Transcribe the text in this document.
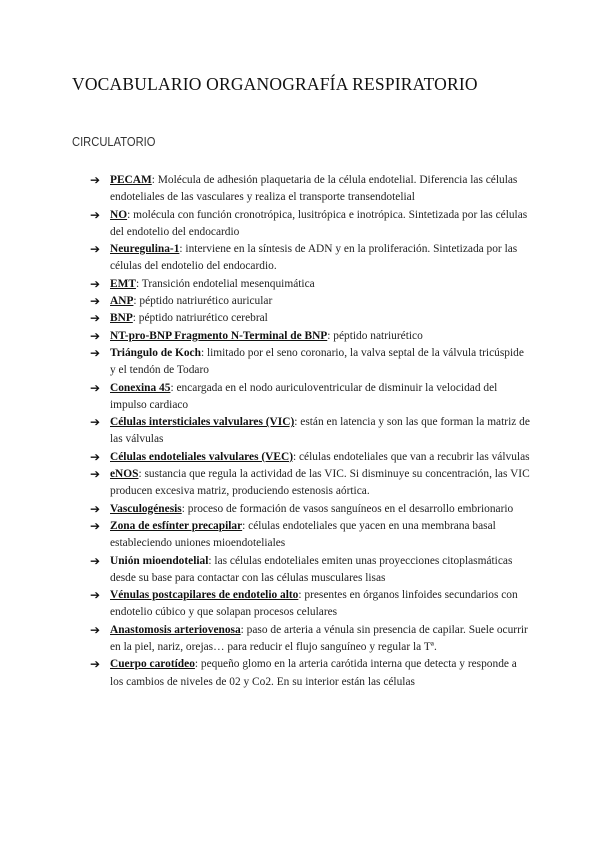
VOCABULARIO ORGANOGRAFÍA RESPIRATORIO
CIRCULATORIO
➔ PECAM: Molécula de adhesión plaquetaria de la célula endotelial. Diferencia las células endoteliales de las vasculares y realiza el transporte transendotelial
➔ NO: molécula con función cronotrópica, lusitrópica e inotrópica. Sintetizada por las células del endotelio del endocardio
➔ Neuregulina-1: interviene en la síntesis de ADN y en la proliferación. Sintetizada por las células del endotelio del endocardio.
➔ EMT: Transición endotelial mesenquimática
➔ ANP: péptido natriurético auricular
➔ BNP: péptido natriurético cerebral
➔ NT-pro-BNP Fragmento N-Terminal de BNP: péptido natriurético
➔ Triángulo de Koch: limitado por el seno coronario, la valva septal de la válvula tricúspide y el tendón de Todaro
➔ Conexina 45: encargada en el nodo auriculoventricular de disminuir la velocidad del impulso cardiaco
➔ Células intersticiales valvulares (VIC): están en latencia y son las que forman la matriz de las válvulas
➔ Células endoteliales valvulares (VEC): células endoteliales que van a recubrir las válvulas
➔ eNOS: sustancia que regula la actividad de las VIC. Si disminuye su concentración, las VIC producen excesiva matriz, produciendo estenosis aórtica.
➔ Vasculogénesis: proceso de formación de vasos sanguíneos en el desarrollo embrionario
➔ Zona de esfínter precapilar: células endoteliales que yacen en una membrana basal estableciendo uniones mioendoteliales
➔ Unión mioendotelial: las células endoteliales emiten unas proyecciones citoplasmáticas desde su base para contactar con las células musculares lisas
➔ Vénulas postcapilares de endotelio alto: presentes en órganos linfoides secundarios con endotelio cúbico y que solapan procesos celulares
➔ Anastomosis arteriovenosa: paso de arteria a vénula sin presencia de capilar. Suele ocurrir en la piel, nariz, orejas… para reducir el flujo sanguíneo y regular la Tª.
➔ Cuerpo carotídeo: pequeño glomo en la arteria carótida interna que detecta y responde a los cambios de niveles de 02 y Co2. En su interior están las células
